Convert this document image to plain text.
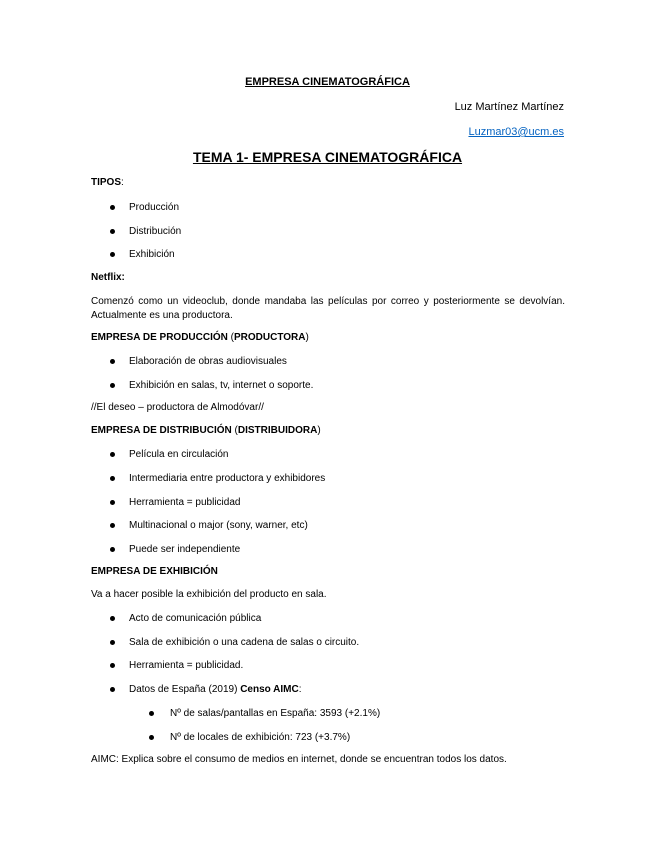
EMPRESA CINEMATOGRÁFICA
Luz Martínez Martínez
Luzmar03@ucm.es
TEMA 1- EMPRESA CINEMATOGRÁFICA
TIPOS:
Producción
Distribución
Exhibición
Netflix:
Comenzó como un videoclub, donde mandaba las películas por correo y posteriormente se devolvían. Actualmente es una productora.
EMPRESA DE PRODUCCIÓN (PRODUCTORA)
Elaboración de obras audiovisuales
Exhibición en salas, tv, internet o soporte.
//El deseo – productora de Almodóvar//
EMPRESA DE DISTRIBUCIÓN (DISTRIBUIDORA)
Película en circulación
Intermediaria entre productora y exhibidores
Herramienta = publicidad
Multinacional o major (sony, warner, etc)
Puede ser independiente
EMPRESA DE EXHIBICIÓN
Va a hacer posible la exhibición del producto en sala.
Acto de comunicación pública
Sala de exhibición o una cadena de salas o circuito.
Herramienta = publicidad.
Datos de España (2019) Censo AIMC:
Nº de salas/pantallas en España: 3593 (+2.1%)
Nº de locales de exhibición: 723 (+3.7%)
AIMC: Explica sobre el consumo de medios en internet, donde se encuentran todos los datos.
